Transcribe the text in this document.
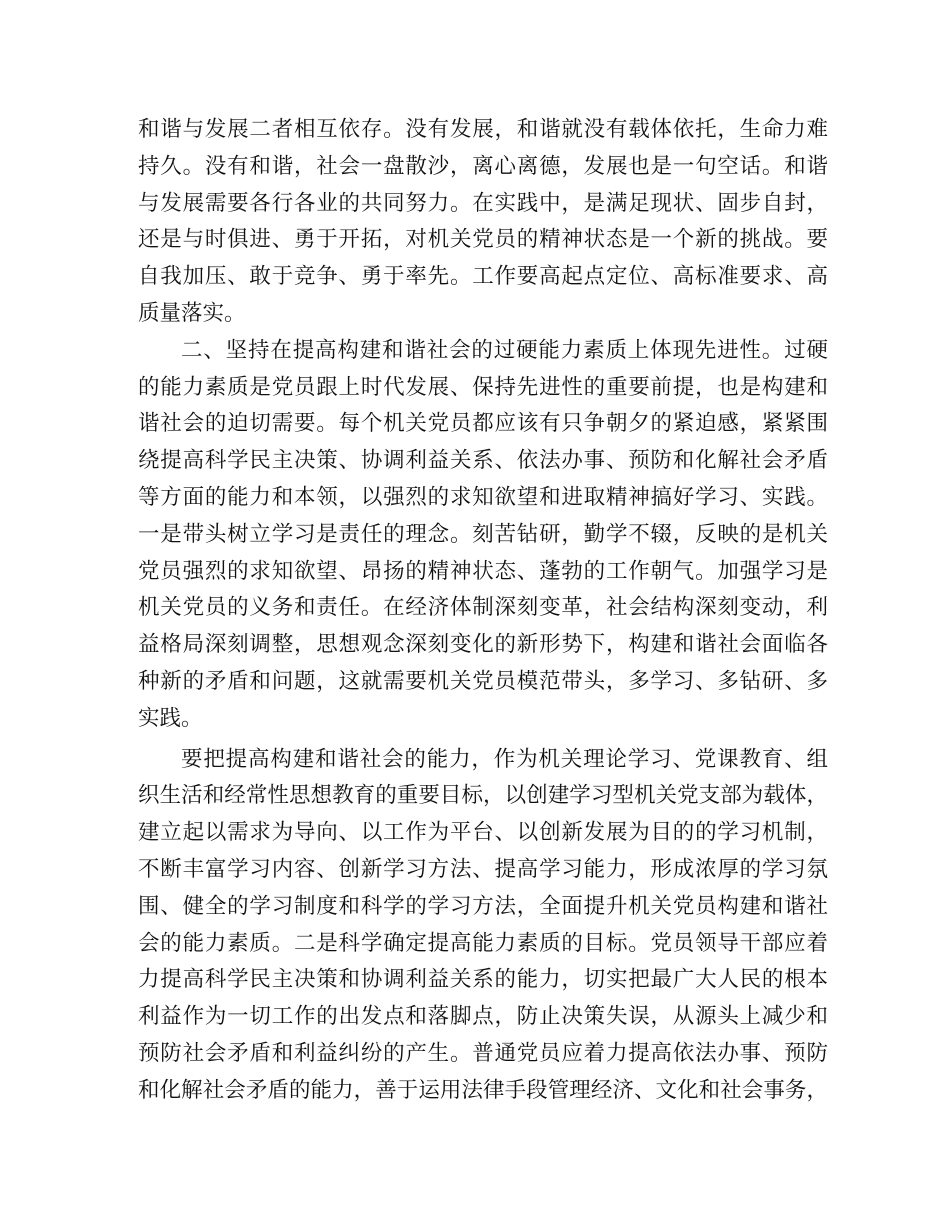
和谐与发展二者相互依存。没有发展，和谐就没有载体依托，生命力难
持久。没有和谐，社会一盘散沙，离心离德，发展也是一句空话。和谐
与发展需要各行各业的共同努力。在实践中，是满足现状、固步自封，
还是与时俱进、勇于开拓，对机关党员的精神状态是一个新的挑战。要
自我加压、敢于竞争、勇于率先。工作要高起点定位、高标准要求、高
质量落实。
二、坚持在提高构建和谐社会的过硬能力素质上体现先进性。过硬
的能力素质是党员跟上时代发展、保持先进性的重要前提，也是构建和
谐社会的迫切需要。每个机关党员都应该有只争朝夕的紧迫感，紧紧围
绕提高科学民主决策、协调利益关系、依法办事、预防和化解社会矛盾
等方面的能力和本领，以强烈的求知欲望和进取精神搞好学习、实践。
一是带头树立学习是责任的理念。刻苦钻研，勤学不辍，反映的是机关
党员强烈的求知欲望、昂扬的精神状态、蓬勃的工作朝气。加强学习是
机关党员的义务和责任。在经济体制深刻变革，社会结构深刻变动，利
益格局深刻调整，思想观念深刻变化的新形势下，构建和谐社会面临各
种新的矛盾和问题，这就需要机关党员模范带头，多学习、多钻研、多
实践。
要把提高构建和谐社会的能力，作为机关理论学习、党课教育、组
织生活和经常性思想教育的重要目标，以创建学习型机关党支部为载体，
建立起以需求为导向、以工作为平台、以创新发展为目的的学习机制，
不断丰富学习内容、创新学习方法、提高学习能力，形成浓厚的学习氛
围、健全的学习制度和科学的学习方法，全面提升机关党员构建和谐社
会的能力素质。二是科学确定提高能力素质的目标。党员领导干部应着
力提高科学民主决策和协调利益关系的能力，切实把最广大人民的根本
利益作为一切工作的出发点和落脚点，防止决策失误，从源头上减少和
预防社会矛盾和利益纠纷的产生。普通党员应着力提高依法办事、预防
和化解社会矛盾的能力，善于运用法律手段管理经济、文化和社会事务，
